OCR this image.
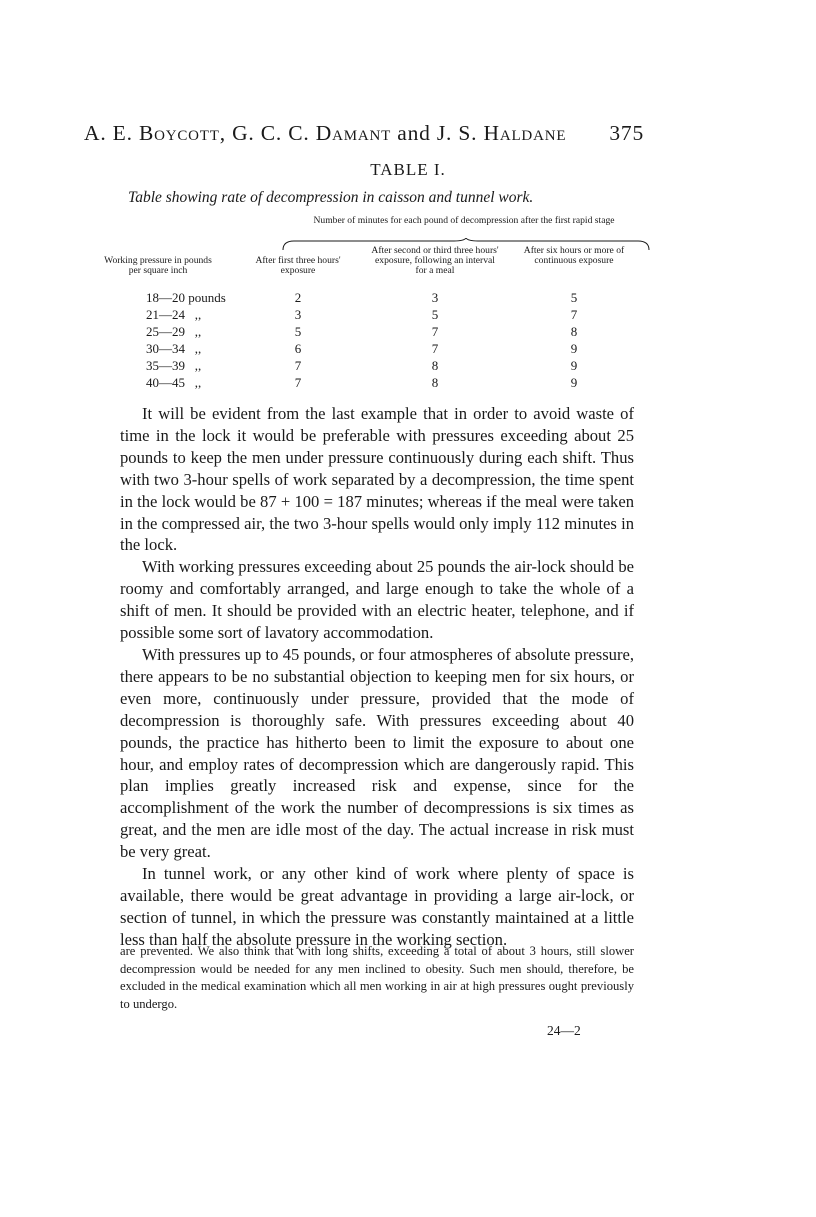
A. E. Boycott, G. C. C. Damant and J. S. Haldane 375
TABLE I.
Table showing rate of decompression in caisson and tunnel work.
Number of minutes for each pound of decompression after the first rapid stage
Working pressure in pounds per square inch
After first three hours' exposure
After second or third three hours' exposure, following an interval for a meal
After six hours or more of continuous exposure
18—20 pounds	2	3	5
21—24   ,,	3	5	7
25—29   ,,	5	7	8
30—34   ,,	6	7	9
35—39   ,,	7	8	9
40—45   ,,	7	8	9

It will be evident from the last example that in order to avoid waste of time in the lock it would be preferable with pressures exceeding about 25 pounds to keep the men under pressure continuously during each shift. Thus with two 3-hour spells of work separated by a decompression, the time spent in the lock would be 87 + 100 = 187 minutes; whereas if the meal were taken in the compressed air, the two 3-hour spells would only imply 112 minutes in the lock.

With working pressures exceeding about 25 pounds the air-lock should be roomy and comfortably arranged, and large enough to take the whole of a shift of men. It should be provided with an electric heater, telephone, and if possible some sort of lavatory accommodation.

With pressures up to 45 pounds, or four atmospheres of absolute pressure, there appears to be no substantial objection to keeping men for six hours, or even more, continuously under pressure, provided that the mode of decompression is thoroughly safe. With pressures exceeding about 40 pounds, the practice has hitherto been to limit the exposure to about one hour, and employ rates of decompression which are dangerously rapid. This plan implies greatly increased risk and expense, since for the accomplishment of the work the number of decompressions is six times as great, and the men are idle most of the day. The actual increase in risk must be very great.

In tunnel work, or any other kind of work where plenty of space is available, there would be great advantage in providing a large air-lock, or section of tunnel, in which the pressure was constantly maintained at a little less than half the absolute pressure in the working section.

are prevented. We also think that with long shifts, exceeding a total of about 3 hours, still slower decompression would be needed for any men inclined to obesity. Such men should, therefore, be excluded in the medical examination which all men working in air at high pressures ought previously to undergo.
24—2
